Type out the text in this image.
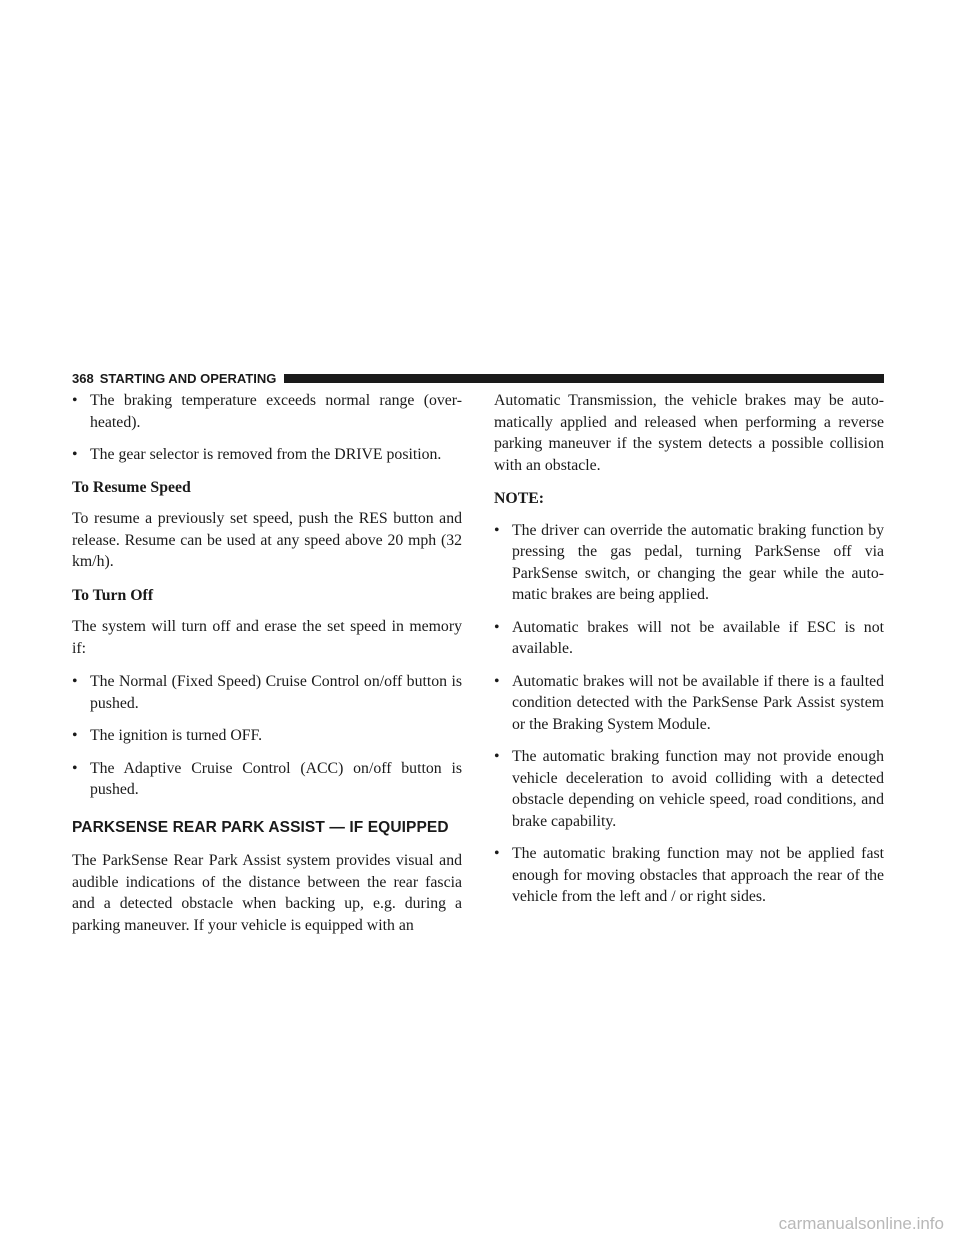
368 STARTING AND OPERATING
• The braking temperature exceeds normal range (over-heated).
• The gear selector is removed from the DRIVE position.
To Resume Speed

To resume a previously set speed, push the RES button and release. Resume can be used at any speed above 20 mph (32 km/h).

To Turn Off

The system will turn off and erase the set speed in memory if:

• The Normal (Fixed Speed) Cruise Control on/off button is pushed.
• The ignition is turned OFF.
• The Adaptive Cruise Control (ACC) on/off button is pushed.
PARKSENSE REAR PARK ASSIST — IF EQUIPPED

The ParkSense Rear Park Assist system provides visual and audible indications of the distance between the rear fascia and a detected obstacle when backing up, e.g. during a parking maneuver. If your vehicle is equipped with an

Automatic Transmission, the vehicle brakes may be auto-matically applied and released when performing a reverse parking maneuver if the system detects a possible collision with an obstacle.

NOTE:
• The driver can override the automatic braking function by pressing the gas pedal, turning ParkSense off via ParkSense switch, or changing the gear while the auto-matic brakes are being applied.
• Automatic brakes will not be available if ESC is not available.
• Automatic brakes will not be available if there is a faulted condition detected with the ParkSense Park Assist system or the Braking System Module.
• The automatic braking function may not provide enough vehicle deceleration to avoid colliding with a detected obstacle depending on vehicle speed, road conditions, and brake capability.
• The automatic braking function may not be applied fast enough for moving obstacles that approach the rear of the vehicle from the left and / or right sides.
carmanualsonline.info
